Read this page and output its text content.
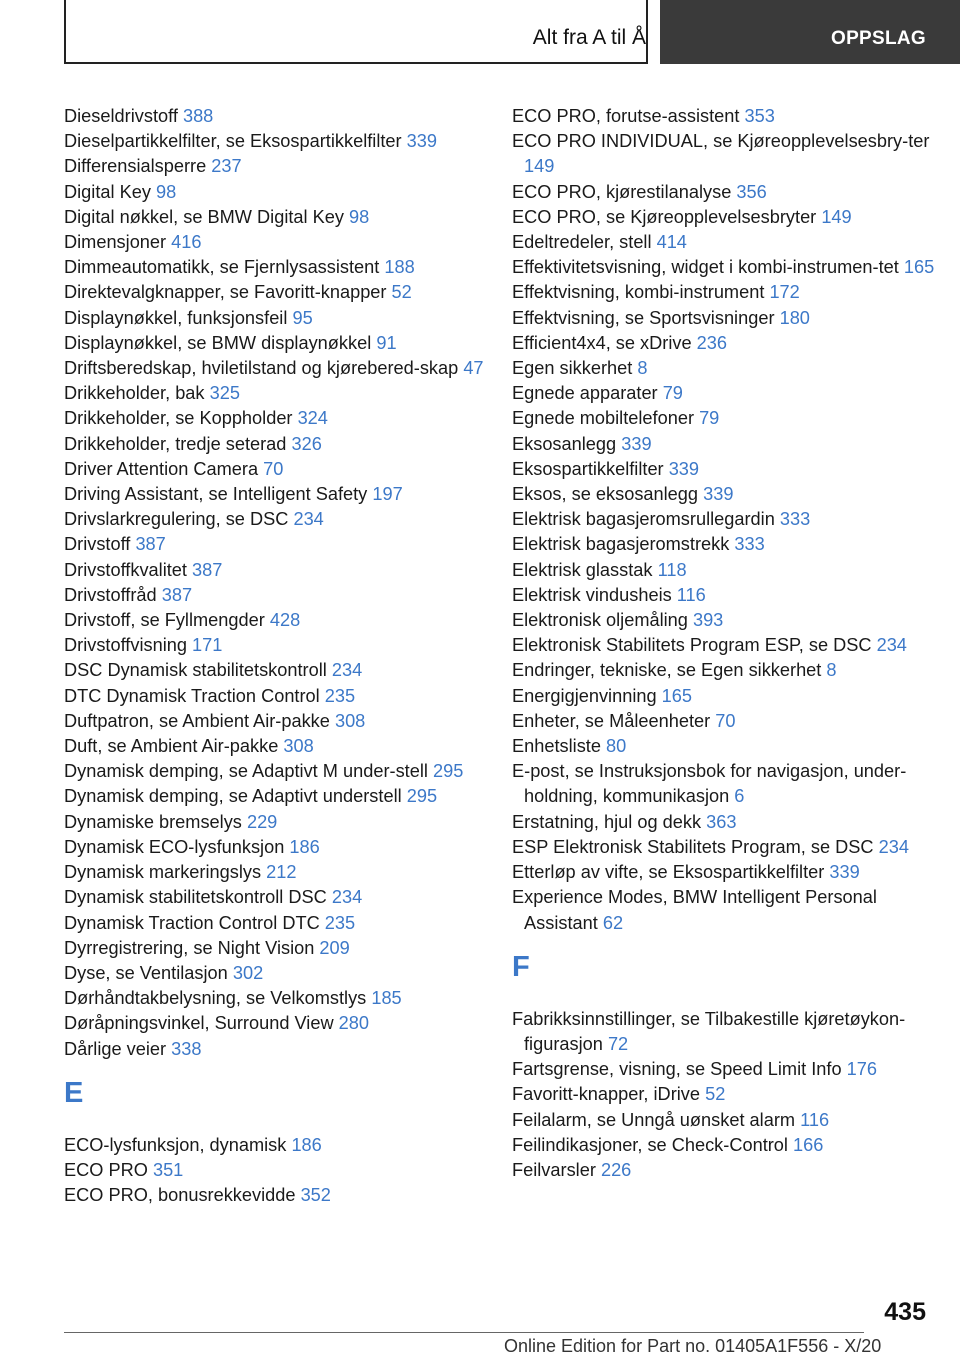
Alt fra A til Å	OPPSLAG

Dieseldrivstoff 388

Dieselpartikkelfilter, se Eksospartikkelfilter 339

Differensialsperre 237

Digital Key 98

Digital nøkkel, se BMW Digital Key 98

Dimensjoner 416

Dimmeautomatikk, se Fjernlysassistent 188

Direktevalgknapper, se Favoritt-knapper 52

Displaynøkkel, funksjonsfeil 95

Displaynøkkel, se BMW displaynøkkel 91

Driftsberedskap, hviletilstand og kjørebered-skap 47

Drikkeholder, bak 325

Drikkeholder, se Koppholder 324

Drikkeholder, tredje seterad 326

Driver Attention Camera 70

Driving Assistant, se Intelligent Safety 197

Drivslarkregulering, se DSC 234

Drivstoff 387

Drivstoffkvalitet 387

Drivstoffråd 387

Drivstoff, se Fyllmengder 428

Drivstoffvisning 171

DSC Dynamisk stabilitetskontroll 234

DTC Dynamisk Traction Control 235

Duftpatron, se Ambient Air-pakke 308

Duft, se Ambient Air-pakke 308

Dynamisk demping, se Adaptivt M under-stell 295

Dynamisk demping, se Adaptivt understell 295

Dynamiske bremselys 229

Dynamisk ECO-lysfunksjon 186

Dynamisk markeringslys 212

Dynamisk stabilitetskontroll DSC 234

Dynamisk Traction Control DTC 235

Dyrregistrering, se Night Vision 209

Dyse, se Ventilasjon 302

Dørhåndtakbelysning, se Velkomstlys 185

Døråpningsvinkel, Surround View 280

Dårlige veier 338

E

ECO-lysfunksjon, dynamisk 186

ECO PRO 351

ECO PRO, bonusrekkevidde 352

ECO PRO, forutse-assistent 353

ECO PRO INDIVIDUAL, se Kjøreopplevelsesbry-ter 149

ECO PRO, kjørestilanalyse 356

ECO PRO, se Kjøreopplevelsesbryter 149

Edeltredeler, stell 414

Effektivitetsvisning, widget i kombi-instrumen-tet 165

Effektvisning, kombi-instrument 172

Effektvisning, se Sportsvisninger 180

Efficient4x4, se xDrive 236

Egen sikkerhet 8

Egnede apparater 79

Egnede mobiltelefoner 79

Eksosanlegg 339

Eksospartikkelfilter 339

Eksos, se eksosanlegg 339

Elektrisk bagasjeromsrullegardin 333

Elektrisk bagasjeromstrekk 333

Elektrisk glasstak 118

Elektrisk vindusheis 116

Elektronisk oljemåling 393

Elektronisk Stabilitets Program ESP, se DSC 234

Endringer, tekniske, se Egen sikkerhet 8

Energigjenvinning 165

Enheter, se Måleenheter 70

Enhetsliste 80

E-post, se Instruksjonsbok for navigasjon, under-holdning, kommunikasjon 6

Erstatning, hjul og dekk 363

ESP Elektronisk Stabilitets Program, se DSC 234

Etterløp av vifte, se Eksospartikkelfilter 339

Experience Modes, BMW Intelligent Personal Assistant 62

F

Fabrikksinnstillinger, se Tilbakestille kjøretøykon-figurasjon 72

Fartsgrense, visning, se Speed Limit Info 176

Favoritt-knapper, iDrive 52

Feilalarm, se Unngå uønsket alarm 116

Feilindikasjoner, se Check-Control 166

Feilvarsler 226

435
Online Edition for Part no. 01405A1F556 - X/20
